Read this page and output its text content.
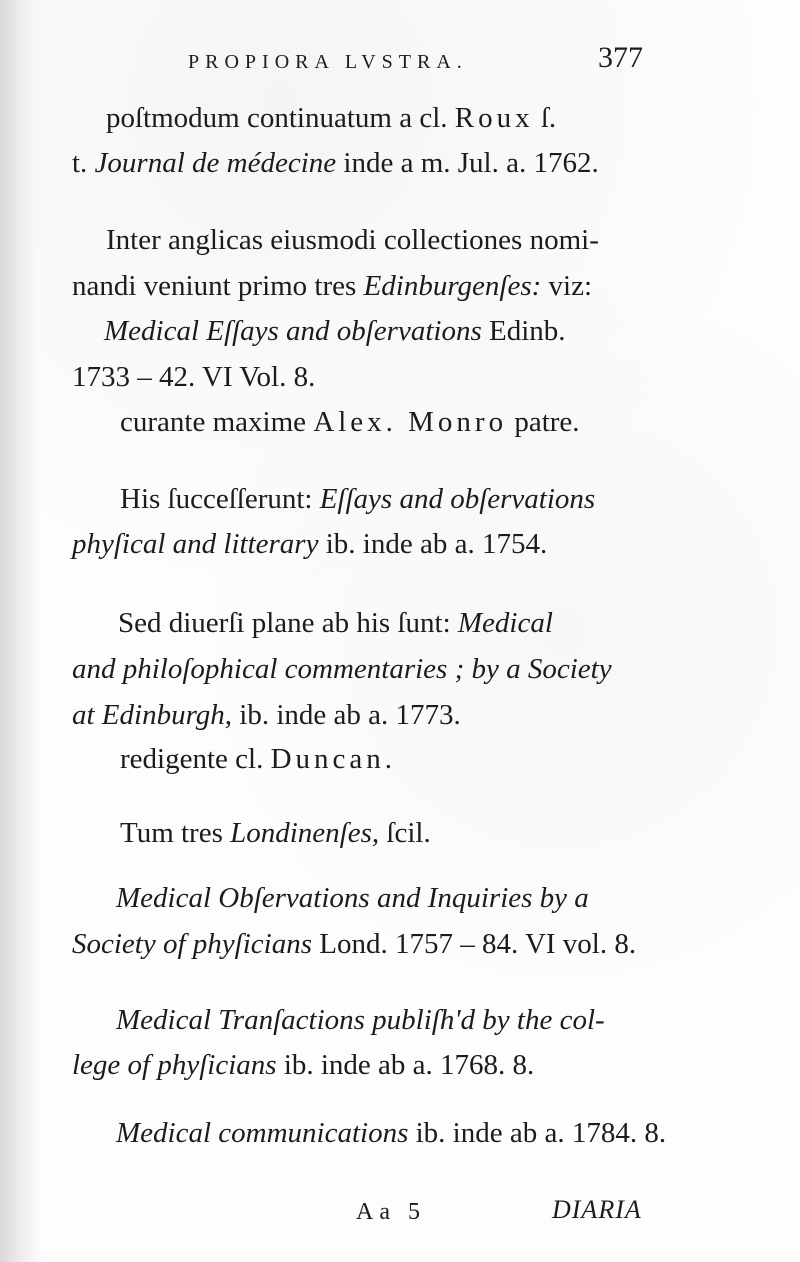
PROPIORA LVSTRA.	377
poſtmodum continuatum a cl. Roux ſ.
t. Journal de médecine inde a m. Jul. a. 1762.
Inter anglicas eiusmodi collectiones nomi-
nandi veniunt primo tres Edinburgenſes: viz:
Medical Eſſays and obſervations Edinb.
1733 – 42. VI Vol. 8.
curante maxime Alex. Monro patre.
His ſucceſſerunt: Eſſays and obſervations
phyſical and litterary ib. inde ab a. 1754.
Sed diuerſi plane ab his ſunt: Medical
and philoſophical commentaries ; by a Society
at Edinburgh, ib. inde ab a. 1773.
redigente cl. Duncan.
Tum tres Londinenſes, ſcil.
Medical Obſervations and Inquiries by a
Society of phyſicians Lond. 1757 – 84. VI vol. 8.
Medical Tranſactions publiſh'd by the col-
lege of phyſicians ib. inde ab a. 1768. 8.
Medical communications ib. inde ab a. 1784. 8.
Aa 5	DIARIA
